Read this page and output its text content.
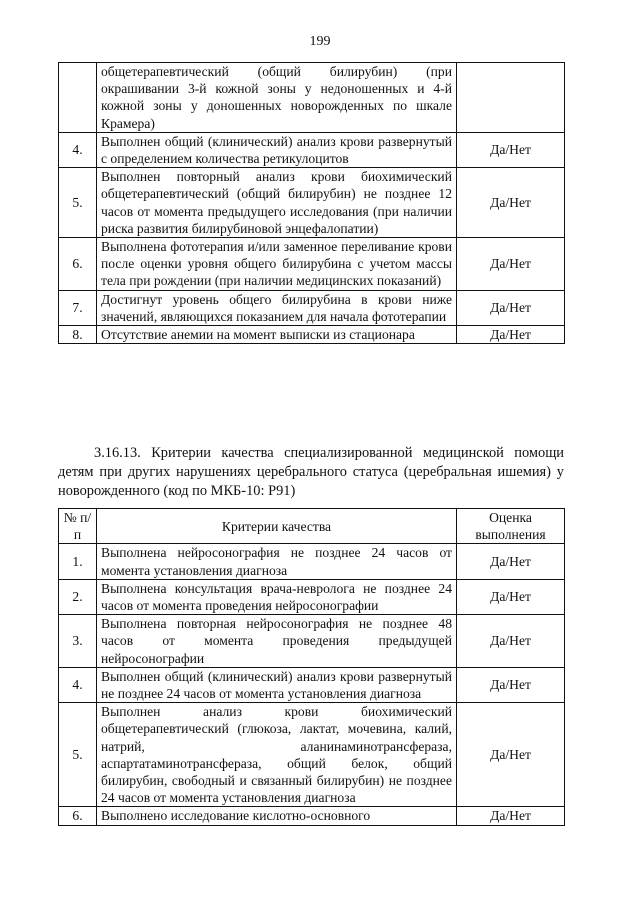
199
	общетерапевтический (общий билирубин) (при окрашивании 3-й кожной зоны у недоношенных и 4-й кожной зоны у доношенных новорожденных по шкале Крамера)	
4.	Выполнен общий (клинический) анализ крови развернутый с определением количества ретикулоцитов	Да/Нет
5.	Выполнен повторный анализ крови биохимический общетерапевтический (общий билирубин) не позднее 12 часов от момента предыдущего исследования (при наличии риска развития билирубиновой энцефалопатии)	Да/Нет
6.	Выполнена фототерапия и/или заменное переливание крови после оценки уровня общего билирубина с учетом массы тела при рождении (при наличии медицинских показаний)	Да/Нет
7.	Достигнут уровень общего билирубина в крови ниже значений, являющихся показанием для начала фототерапии	Да/Нет
8.	Отсутствие анемии на момент выписки из стационара	Да/Нет

3.16.13. Критерии качества специализированной медицинской помощи детям при других нарушениях церебрального статуса (церебральная ишемия) у новорожденного (код по МКБ-10: P91)

№ п/п	Критерии качества	Оценка выполнения
1.	Выполнена нейросонография не позднее 24 часов от момента установления диагноза	Да/Нет
2.	Выполнена консультация врача-невролога не позднее 24 часов от момента проведения нейросонографии	Да/Нет
3.	Выполнена повторная нейросонография не позднее 48 часов от момента проведения предыдущей нейросонографии	Да/Нет
4.	Выполнен общий (клинический) анализ крови развернутый не позднее 24 часов от момента установления диагноза	Да/Нет
5.	Выполнен анализ крови биохимический общетерапевтический (глюкоза, лактат, мочевина, калий, натрий, аланинаминотрансфераза, аспартатаминотрансфераза, общий белок, общий билирубин, свободный и связанный билирубин) не позднее 24 часов от момента установления диагноза	Да/Нет
6.	Выполнено исследование кислотно-основного	Да/Нет
